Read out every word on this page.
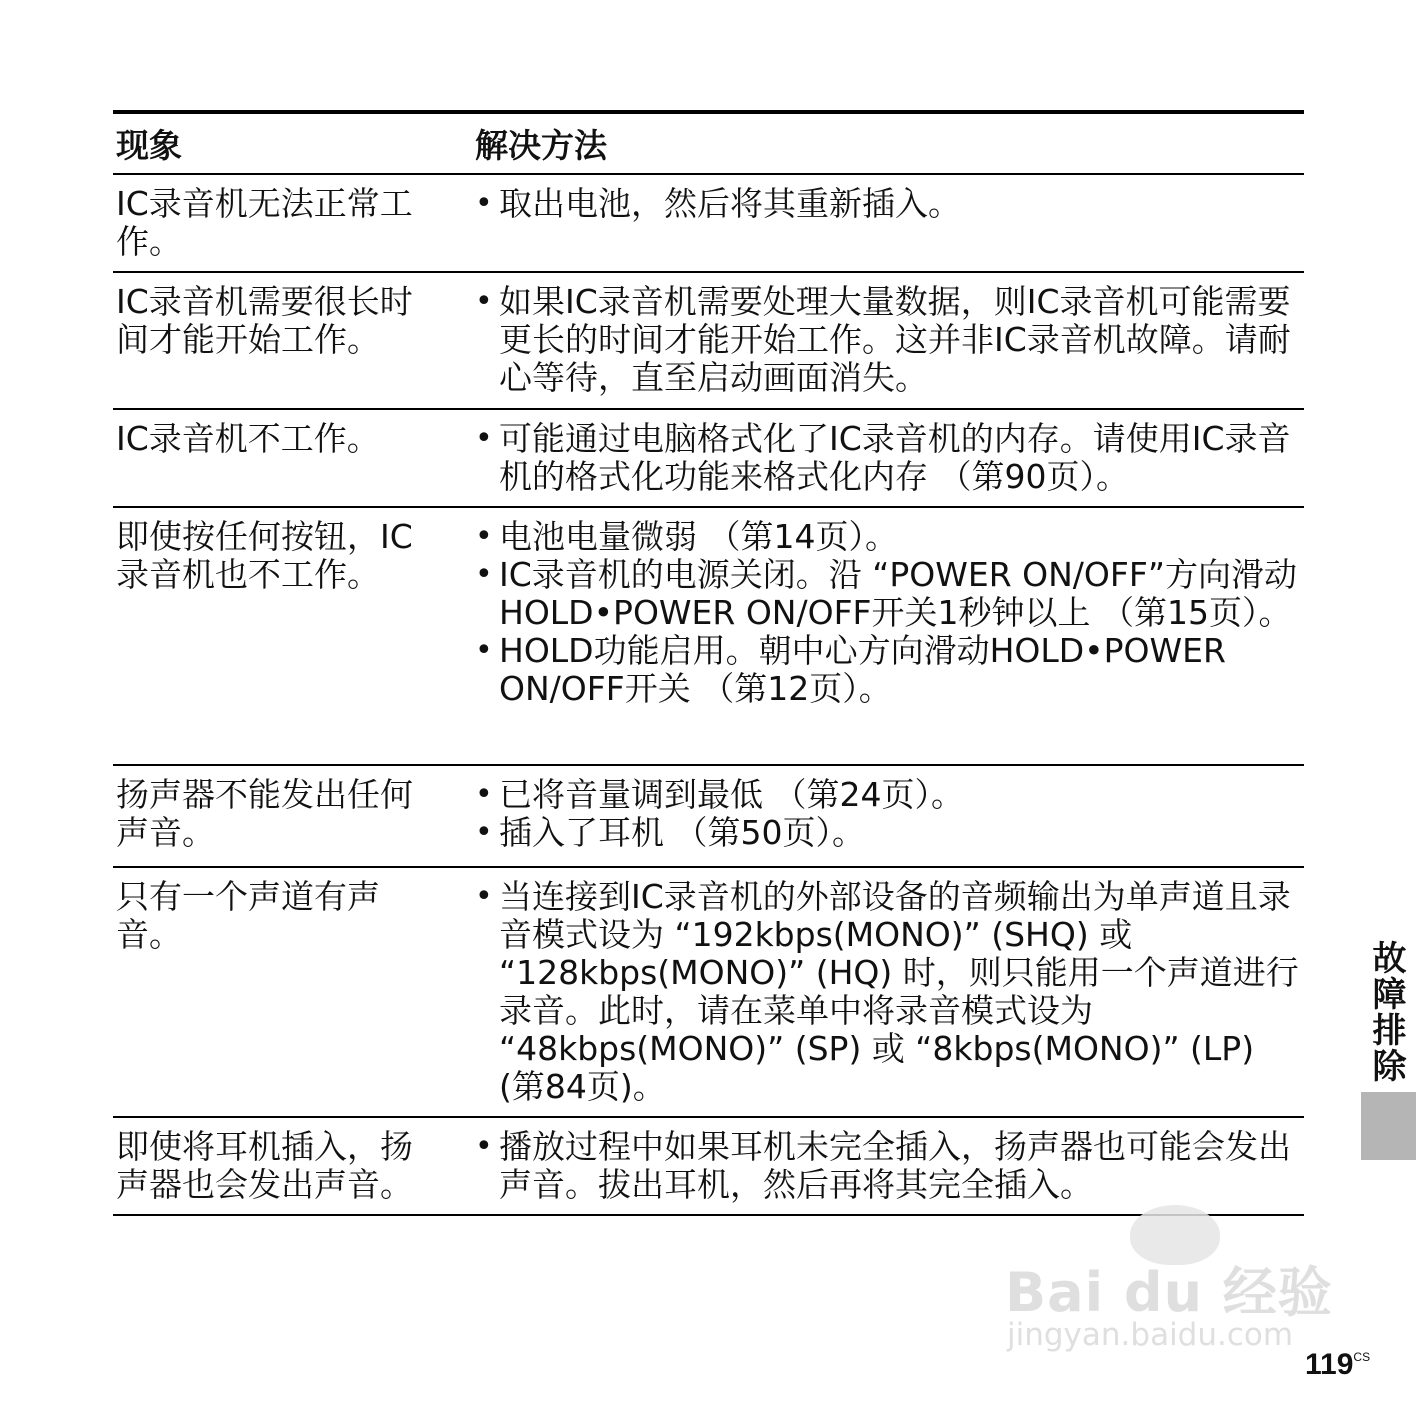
现象	解决方法
IC录音机无法正常工
作。
• 取出电池，然后将其重新插入。
IC录音机需要很长时
间才能开始工作。
• 如果IC录音机需要处理大量数据，则IC录音机可能需要更长的时间才能开始工作。这并非IC录音机故障。请耐心等待，直至启动画面消失。
IC录音机不工作。
•	可能通过电脑格式化了IC录音机的内存。请使用IC录音机的格式化功能来格式化内存 （第90页）。
即使按任何按钮，IC
录音机也不工作。
• 电池电量微弱 （第14页）。
• IC录音机的电源关闭。沿 “POWER ON/OFF”方向滑动HOLD•POWER ON/OFF开关1秒钟以上 （第15页）。
• HOLD功能启用。朝中心方向滑动HOLD•POWER ON/OFF开关 （第12页）。
扬声器不能发出任何
声音。
• 已将音量调到最低 （第24页）。
• 插入了耳机 （第50页）。
只有一个声道有声
音。
• 当连接到IC录音机的外部设备的音频输出为单声道且录音模式设为 “192kbps(MONO)” (SHQ) 或 “128kbps(MONO)” (HQ) 时，则只能用一个声道进行录音。此时，请在菜单中将录音模式设为 “48kbps(MONO)” (SP) 或 “8kbps(MONO)” (LP) (第84页)。
即使将耳机插入，扬
声器也会发出声音。
• 播放过程中如果耳机未完全插入，扬声器也可能会发出声音。拔出耳机，然后再将其完全插入。
故障排除
Bai du 经验
jingyan.baidu.com
$119^{CS}$
